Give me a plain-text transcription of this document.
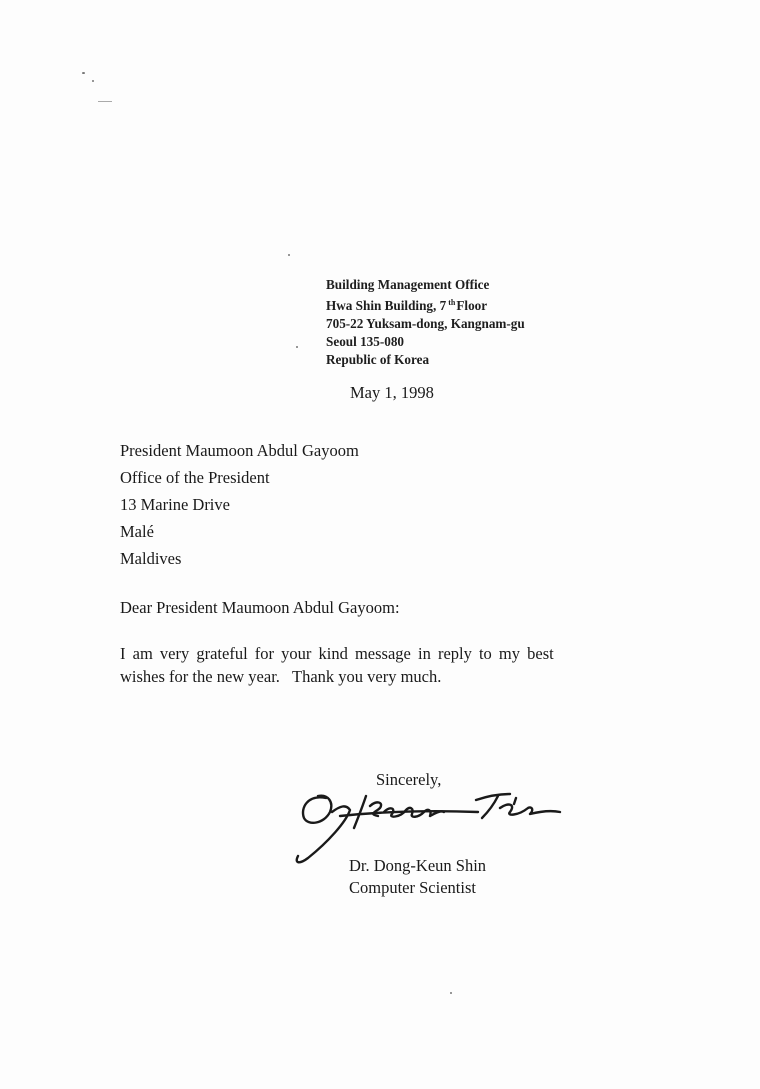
Building Management Office
Hwa Shin Building, 7 $^{th}$Floor
705-22 Yuksam-dong, Kangnam-gu
Seoul 135-080
Republic of Korea
May 1, 1998
President Maumoon Abdul Gayoom
Office of the President
13 Marine Drive
Malé
Maldives
Dear President Maumoon Abdul Gayoom:
I am very grateful for your kind message in reply to my best
wishes for the new year.   Thank you very much.
Sincerely,
Dr. Dong-Keun Shin
Computer Scientist
